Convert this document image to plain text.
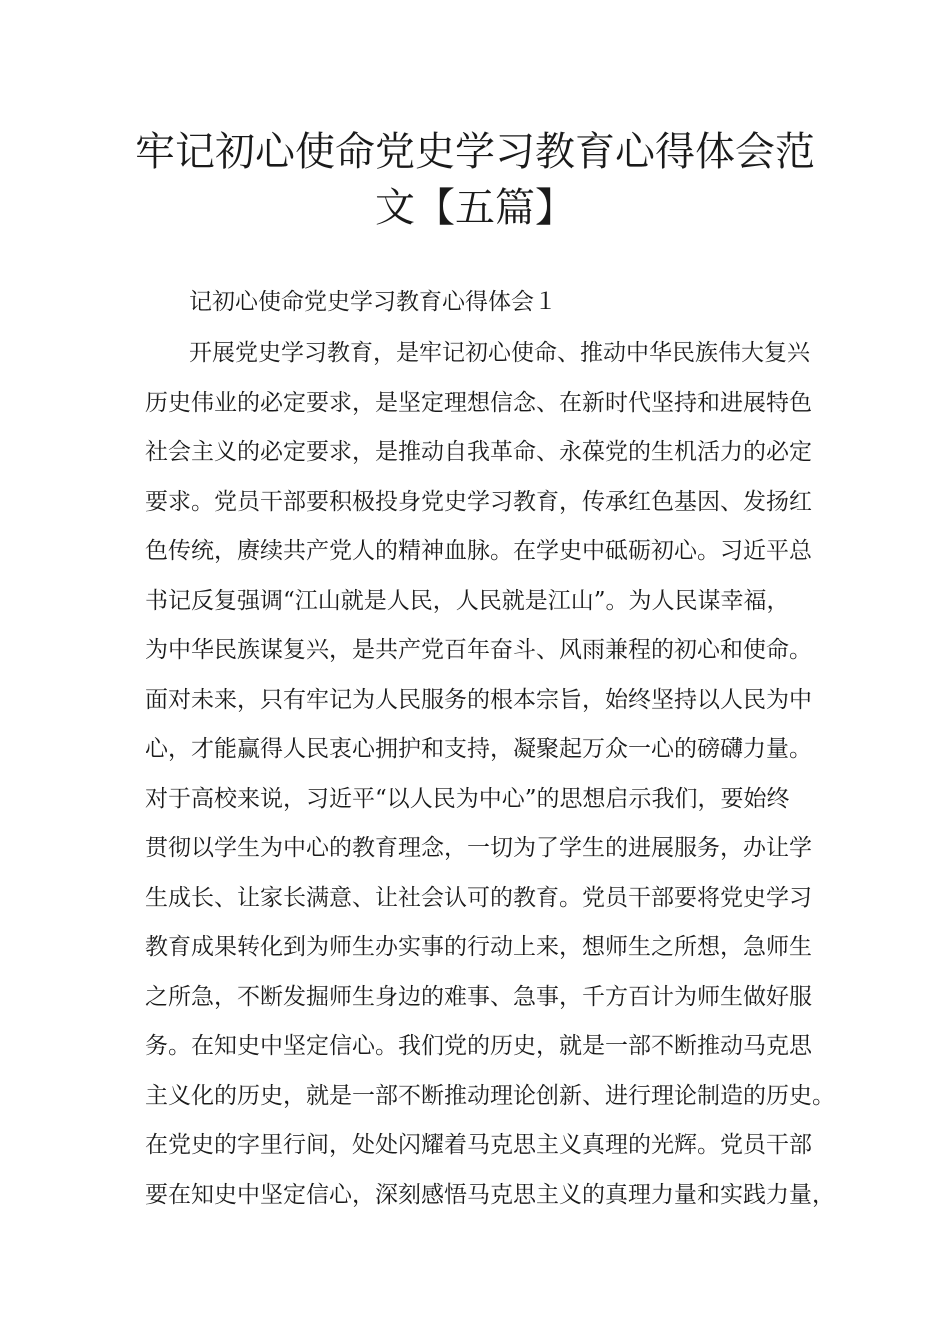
牢记初心使命党史学习教育心得体会范
文【五篇】
记初心使命党史学习教育心得体会１
开展党史学习教育，是牢记初心使命、推动中华民族伟大复兴
历史伟业的必定要求，是坚定理想信念、在新时代坚持和进展特色
社会主义的必定要求，是推动自我革命、永葆党的生机活力的必定
要求。党员干部要积极投身党史学习教育，传承红色基因、发扬红
色传统，赓续共产党人的精神血脉。在学史中砥砺初心。习近平总
书记反复强调“江山就是人民，人民就是江山”。为人民谋幸福，
为中华民族谋复兴，是共产党百年奋斗、风雨兼程的初心和使命。
面对未来，只有牢记为人民服务的根本宗旨，始终坚持以人民为中
心，才能赢得人民衷心拥护和支持，凝聚起万众一心的磅礴力量。
对于高校来说，习近平“以人民为中心”的思想启示我们，要始终
贯彻以学生为中心的教育理念，一切为了学生的进展服务，办让学
生成长、让家长满意、让社会认可的教育。党员干部要将党史学习
教育成果转化到为师生办实事的行动上来，想师生之所想，急师生
之所急，不断发掘师生身边的难事、急事，千方百计为师生做好服
务。在知史中坚定信心。我们党的历史，就是一部不断推动马克思
主义化的历史，就是一部不断推动理论创新、进行理论制造的历史。
在党史的字里行间，处处闪耀着马克思主义真理的光辉。党员干部
要在知史中坚定信心，深刻感悟马克思主义的真理力量和实践力量，
